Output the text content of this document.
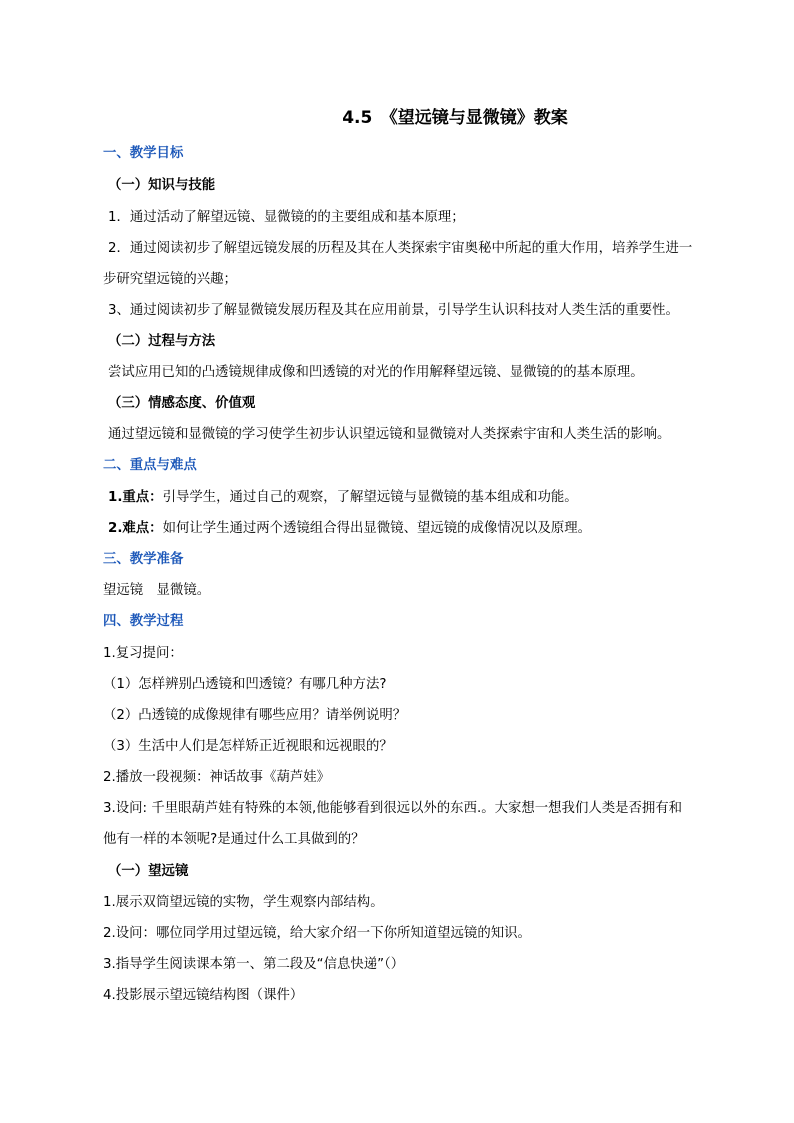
4.5　《望远镜与显微镜》教案
一、教学目标
（一）知识与技能
1．通过活动了解望远镜、显微镜的的主要组成和基本原理；
2．通过阅读初步了解望远镜发展的历程及其在人类探索宇宙奥秘中所起的重大作用，培养学生进一
步研究望远镜的兴趣；
3、通过阅读初步了解显微镜发展历程及其在应用前景，引导学生认识科技对人类生活的重要性。
（二）过程与方法
尝试应用已知的凸透镜规律成像和凹透镜的对光的作用解释望远镜、显微镜的的基本原理。
（三）情感态度、价值观
通过望远镜和显微镜的学习使学生初步认识望远镜和显微镜对人类探索宇宙和人类生活的影响。
二、重点与难点
1.重点：引导学生，通过自己的观察，了解望远镜与显微镜的基本组成和功能。
2.难点：如何让学生通过两个透镜组合得出显微镜、望远镜的成像情况以及原理。
三、教学准备
望远镜　显微镜。
四、教学过程
1.复习提问：
（1）怎样辨别凸透镜和凹透镜？有哪几种方法?
（2）凸透镜的成像规律有哪些应用？请举例说明？
（3）生活中人们是怎样矫正近视眼和远视眼的？
2.播放一段视频：神话故事《葫芦娃》
3.设问: 千里眼葫芦娃有特殊的本领,他能够看到很远以外的东西.。大家想一想我们人类是否拥有和
他有一样的本领呢?是通过什么工具做到的？
（一）望远镜
1.展示双筒望远镜的实物，学生观察内部结构。
2.设问：哪位同学用过望远镜，给大家介绍一下你所知道望远镜的知识。
3.指导学生阅读课本第一、第二段及“信息快递”（）
4.投影展示望远镜结构图（课件）
